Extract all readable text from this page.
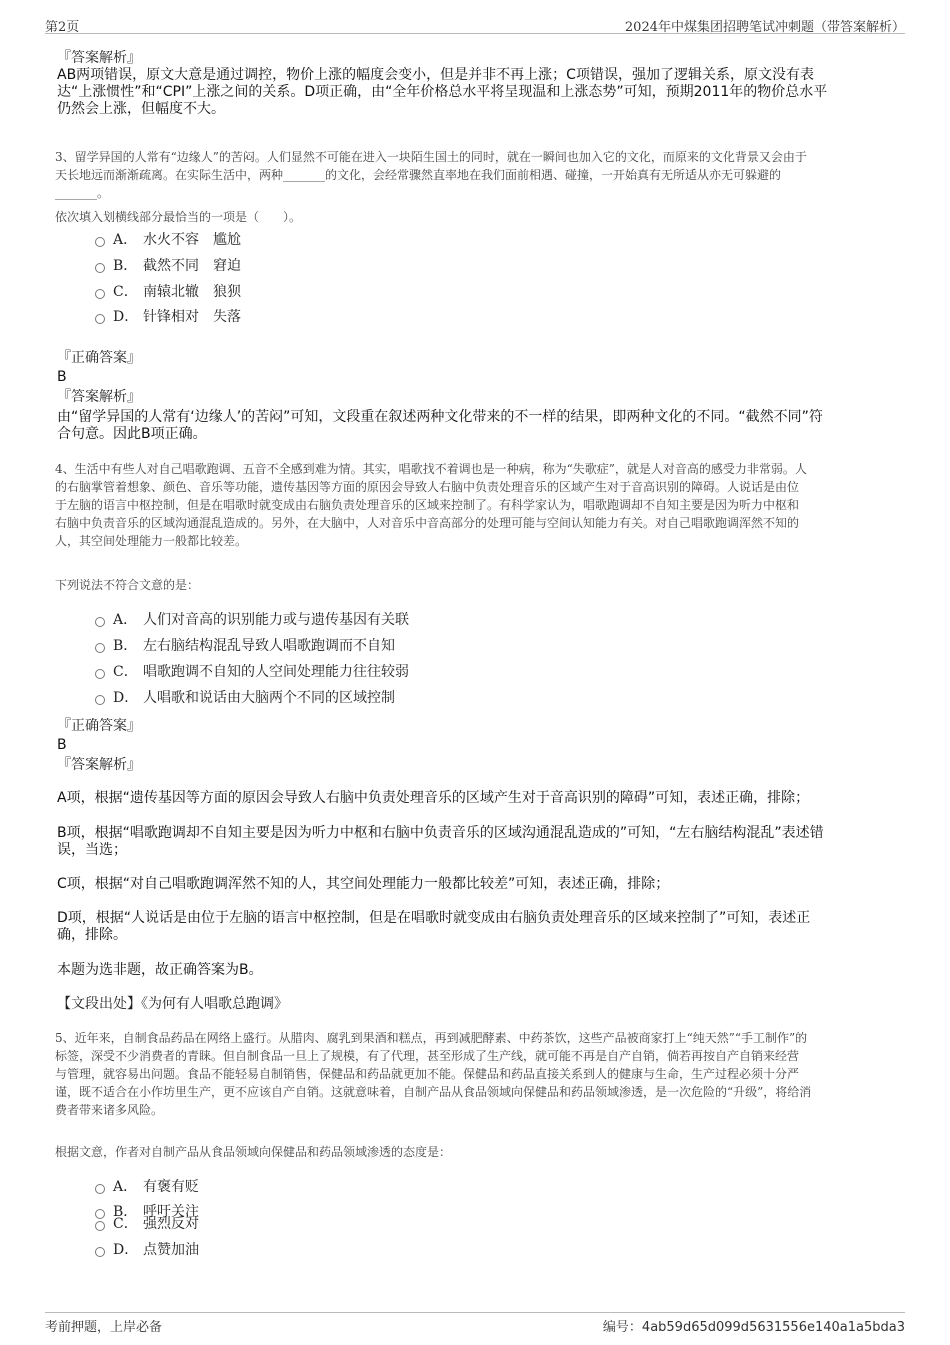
第2页	2024年中煤集团招聘笔试冲刺题（带答案解析）
『答案解析』
AB两项错误，原文大意是通过调控，物价上涨的幅度会变小，但是并非不再上涨；C项错误，强加了逻辑关系，原文没有表
达“上涨惯性”和“CPI”上涨之间的关系。D项正确，由“全年价格总水平将呈现温和上涨态势”可知，预期2011年的物价总水平
仍然会上涨，但幅度不大。
3、留学异国的人常有“边缘人”的苦闷。人们显然不可能在进入一块陌生国土的同时，就在一瞬间也加入它的文化，而原来的文化背景又会由于
天长地远而渐渐疏离。在实际生活中，两种_______的文化，会经常骤然直率地在我们面前相遇、碰撞，一开始真有无所适从亦无可躲避的
_______。
依次填入划横线部分最恰当的一项是（　　）。
A． 水火不容　尴尬
B． 截然不同　窘迫
C． 南辕北辙　狼狈
D． 针锋相对　失落
『正确答案』
B
『答案解析』
由“留学异国的人常有‘边缘人’的苦闷”可知，文段重在叙述两种文化带来的不一样的结果，即两种文化的不同。“截然不同”符
合句意。因此B项正确。
4、生活中有些人对自己唱歌跑调、五音不全感到难为情。其实，唱歌找不着调也是一种病，称为“失歌症”，就是人对音高的感受力非常弱。人
的右脑掌管着想象、颜色、音乐等功能，遗传基因等方面的原因会导致人右脑中负责处理音乐的区域产生对于音高识别的障碍。人说话是由位
于左脑的语言中枢控制，但是在唱歌时就变成由右脑负责处理音乐的区域来控制了。有科学家认为，唱歌跑调却不自知主要是因为听力中枢和
右脑中负责音乐的区域沟通混乱造成的。另外，在大脑中，人对音乐中音高部分的处理可能与空间认知能力有关。对自己唱歌跑调浑然不知的
人，其空间处理能力一般都比较差。
下列说法不符合文意的是：
A． 人们对音高的识别能力或与遗传基因有关联
B． 左右脑结构混乱导致人唱歌跑调而不自知
C． 唱歌跑调不自知的人空间处理能力往往较弱
D． 人唱歌和说话由大脑两个不同的区域控制
『正确答案』
B
『答案解析』
A项，根据“遗传基因等方面的原因会导致人右脑中负责处理音乐的区域产生对于音高识别的障碍”可知，表述正确，排除；
B项，根据“唱歌跑调却不自知主要是因为听力中枢和右脑中负责音乐的区域沟通混乱造成的”可知，“左右脑结构混乱”表述错
误，当选；
C项，根据“对自己唱歌跑调浑然不知的人，其空间处理能力一般都比较差”可知，表述正确，排除；
D项，根据“人说话是由位于左脑的语言中枢控制，但是在唱歌时就变成由右脑负责处理音乐的区域来控制了”可知，表述正
确，排除。
本题为选非题，故正确答案为B。
【文段出处】《为何有人唱歌总跑调》
5、近年来，自制食品药品在网络上盛行。从腊肉、腐乳到果酒和糕点，再到减肥酵素、中药茶饮，这些产品被商家打上“纯天然”“手工制作”的
标签，深受不少消费者的青睐。但自制食品一旦上了规模，有了代理，甚至形成了生产线，就可能不再是自产自销，倘若再按自产自销来经营
与管理，就容易出问题。食品不能轻易自制销售，保健品和药品就更加不能。保健品和药品直接关系到人的健康与生命，生产过程必须十分严
谨，既不适合在小作坊里生产，更不应该自产自销。这就意味着，自制产品从食品领域向保健品和药品领域渗透，是一次危险的“升级”，将给消
费者带来诸多风险。
根据文意，作者对自制产品从食品领域向保健品和药品领域渗透的态度是：
A． 有褒有贬
B． 呼吁关注
C． 强烈反对
D． 点赞加油
考前押题，上岸必备	编号：4ab59d65d099d5631556e140a1a5bda3
